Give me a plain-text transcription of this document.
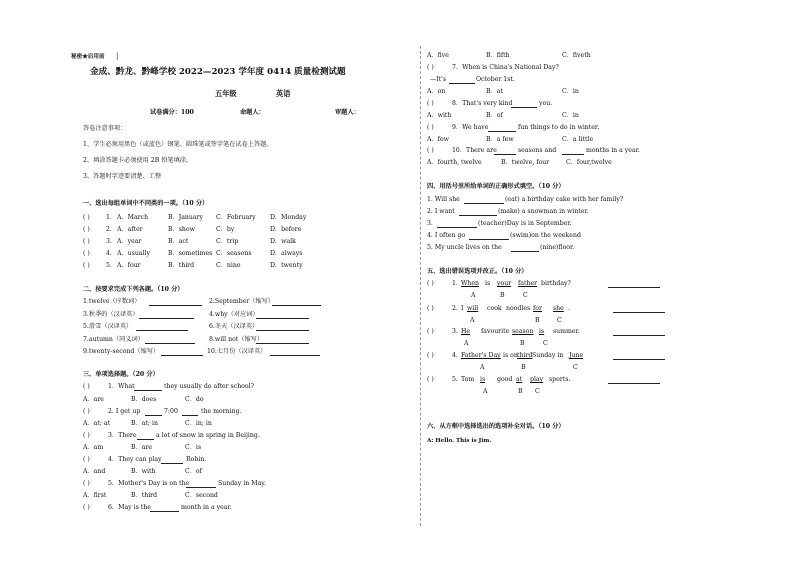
秘密★启用前 |
金成、黔龙、黔峰学校 2022—2023 学年度 0414 质量检测试题
五年级	英语
试卷满分：100	命题人：	审题人：
答卷注意事项：
1、学生必须用黑色（或蓝色）钢笔、圆珠笔或签字笔在试卷上答题。
2、填涂答题卡必须使用 2B 铅笔填涂。
3、答题时字迹要清楚、工整
一、选出每组单词中不同类的一项。（10 分）
( )	1. A．March	B．January C．February D．Monday
( )	2. A．after	B．show	C．by	D．before
( )	3. A．year	B．act	C．trip	D．walk
( )	4. A．usually	B．sometimes C．seasons	D．always
( )	5. A．four	B．third	C．nine	D．twenty
二、按要求完成下列各题。（10 分）
1.twelve（序数词）	2.September（缩写）
3.秋季的（汉译英）	4.why（对应词）
5.滑雪（汉译英）	6.冬天（汉译英）
7.autumn（同义词）	8.will not（缩写）
9.twenty-second（缩写）	10.七月份（汉译英）
三、单项选择题。（20 分）
( )	1．What	they usually do after school?
A．are	B．does	C．do
( )	2. I get up	7:00	the morning.
A．at; at	B．at; in	C．in; in
( )	3．There	a lot of snow in spring in Beijing.
A．am	B．are	C．is
( )	4．They can play	Robin.
A．and	B．with	C．of
( )	5．Mother's Day is on the	Sunday in May.
A．first	B．third	C．second
( )	6．May is the	month in a year.
A．five	B．fifth	C．fiveth
( )	7．When is China's National Day?
—It's	October 1st.
A．on	B．at	C．in
( )	8．That's very kind	you.
A．with	B．of	C．in
( )	9．We have	fun things to do in winter.
A．few	B．a few	C．a little
( )	10．There are	seasons and	months in a year.
A．fourth, twelve	B．twelve, four	C．four,twelve
四、用括号里所给单词的正确形式填空。（10 分）
1. Will she	(eat) a birthday cake with her family?
2. I want	(make) a snowman in winter.
3.	(teacher)Day is in September.
4. I often go	(swim)on the weekend
5. My uncle lives on the	(nine)floor.
五、选出错误选项并改正。（10 分）
( )	1. When is your father birthday?
A	B	C
( )	2. I will cook noodles for she .
A	B	C
( )	3. He favourite season is summer.
A	B	C
( )	4. Father's Day is on third Sunday in June
A	B	C
( )	5. Tom is good at play sports.
A	B C
六、从方框中选择选出的选项补全对话。（10 分）
A: Hello. This is Jim.
